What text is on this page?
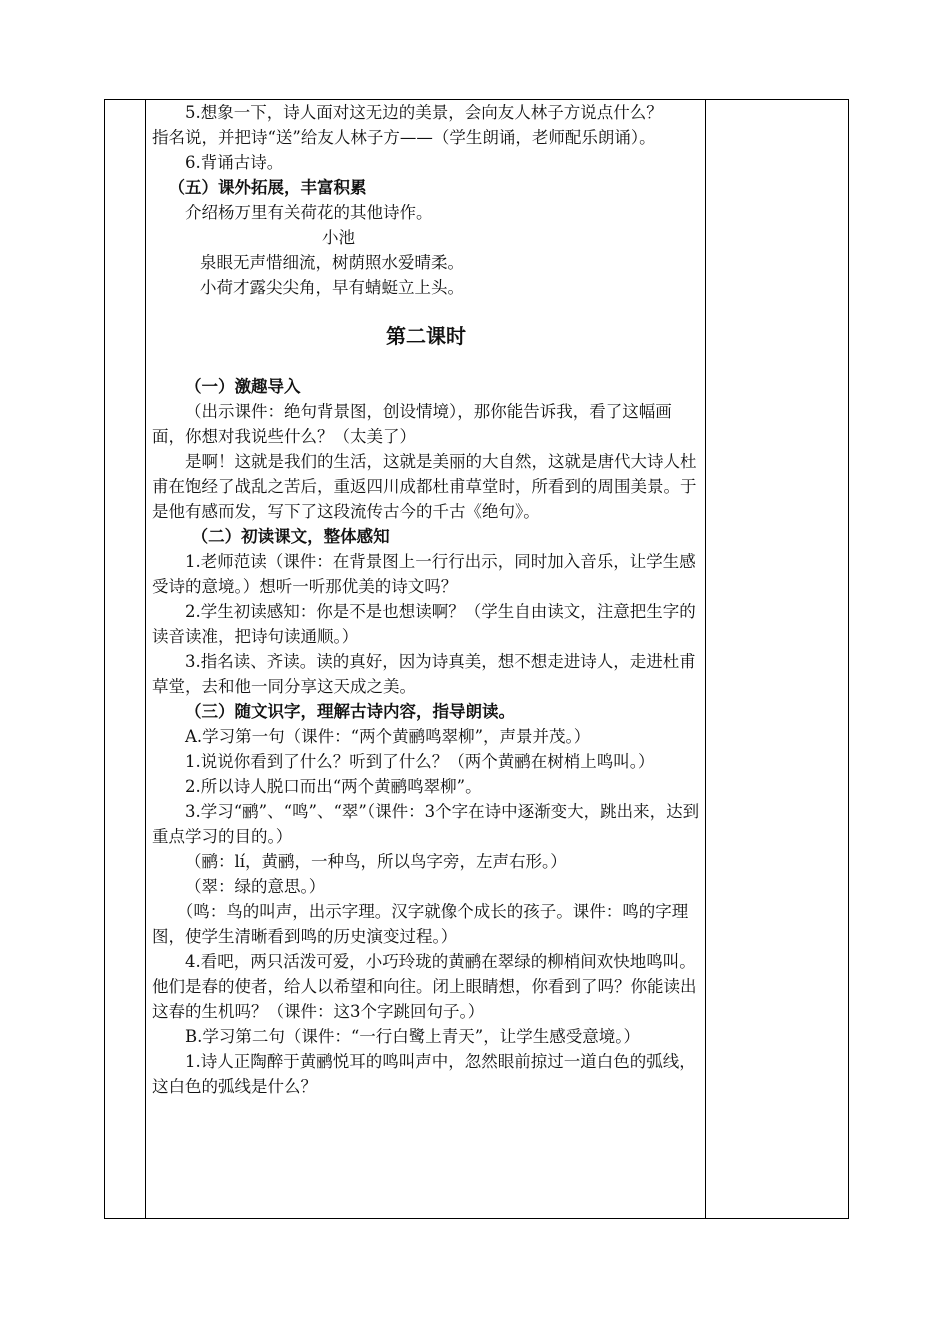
5.想象一下，诗人面对这无边的美景，会向友人林子方说点什么？

指名说，并把诗“送”给友人林子方——（学生朗诵，老师配乐朗诵）。

6.背诵古诗。

（五）课外拓展，丰富积累

介绍杨万里有关荷花的其他诗作。

小池

泉眼无声惜细流，树荫照水爱晴柔。

小荷才露尖尖角，早有蜻蜓立上头。

第二课时

（一）激趣导入

（出示课件：绝句背景图，创设情境），那你能告诉我，看了这幅画面，你想对我说些什么？（太美了）

是啊！这就是我们的生活，这就是美丽的大自然，这就是唐代大诗人杜甫在饱经了战乱之苦后，重返四川成都杜甫草堂时，所看到的周围美景。于是他有感而发，写下了这段流传古今的千古《绝句》。

（二）初读课文，整体感知

1.老师范读（课件：在背景图上一行行出示，同时加入音乐，让学生感受诗的意境。）想听一听那优美的诗文吗？

2.学生初读感知：你是不是也想读啊？（学生自由读文，注意把生字的读音读准，把诗句读通顺。）

3.指名读、齐读。读的真好，因为诗真美，想不想走进诗人，走进杜甫草堂，去和他一同分享这天成之美。

（三）随文识字，理解古诗内容，指导朗读。

A.学习第一句（课件：“两个黄鹂鸣翠柳”，声景并茂。）

1.说说你看到了什么？听到了什么？（两个黄鹂在树梢上鸣叫。）

2.所以诗人脱口而出“两个黄鹂鸣翠柳”。

3.学习“鹂”、“鸣”、“翠”（课件：3个字在诗中逐渐变大，跳出来，达到重点学习的目的。）

（鹂：lí，黄鹂，一种鸟，所以鸟字旁，左声右形。）

（翠：绿的意思。）

（鸣：鸟的叫声，出示字理。汉字就像个成长的孩子。课件：鸣的字理图，使学生清晰看到鸣的历史演变过程。）

4.看吧，两只活泼可爱，小巧玲珑的黄鹂在翠绿的柳梢间欢快地鸣叫。他们是春的使者，给人以希望和向往。闭上眼睛想，你看到了吗？你能读出这春的生机吗？（课件：这3个字跳回句子。）

B.学习第二句（课件：“一行白鹭上青天”，让学生感受意境。）

1.诗人正陶醉于黄鹂悦耳的鸣叫声中，忽然眼前掠过一道白色的弧线，这白色的弧线是什么？
